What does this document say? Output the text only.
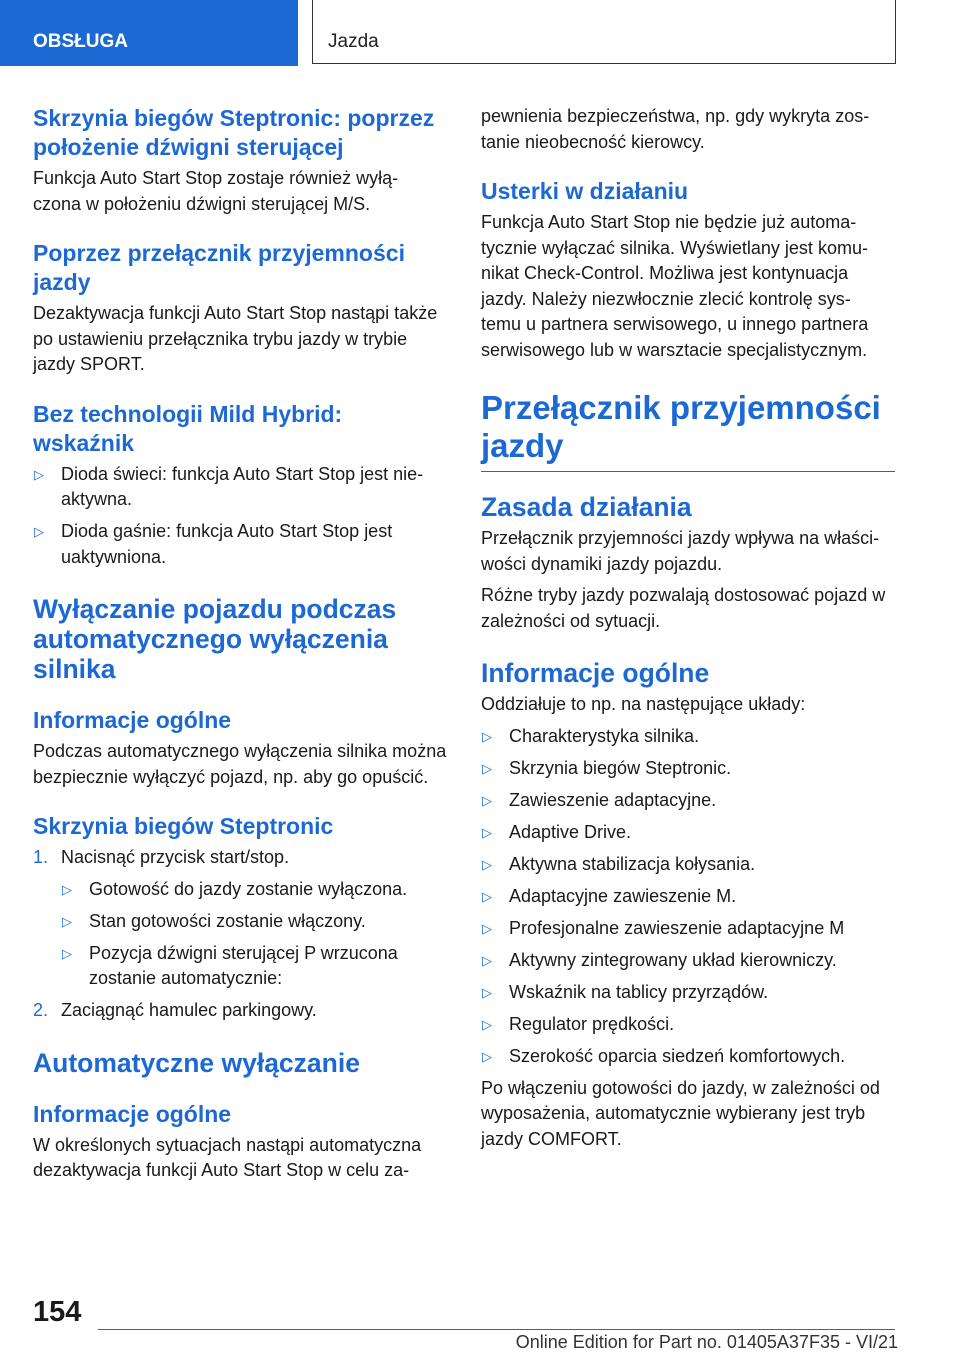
OBSŁUGA	Jazda
Skrzynia biegów Steptronic: poprzez położenie dźwigni sterującej

Funkcja Auto Start Stop zostaje również wyłą- czona w położeniu dźwigni sterującej M/S.

Poprzez przełącznik przyjemności jazdy

Dezaktywacja funkcji Auto Start Stop nastąpi także po ustawieniu przełącznika trybu jazdy w trybie jazdy SPORT.

Bez technologii Mild Hybrid: wskaźnik
▷ Dioda świeci: funkcja Auto Start Stop jest nie- aktywna.
▷ Dioda gaśnie: funkcja Auto Start Stop jest uaktywniona.
Wyłączanie pojazdu podczas automatycznego wyłączenia silnika
Informacje ogólne

Podczas automatycznego wyłączenia silnika można bezpiecznie wyłączyć pojazd, np. aby go opuścić.

Skrzynia biegów Steptronic
1. Nacisnąć przycisk start/stop.
▷ Gotowość do jazdy zostanie wyłączona.
▷ Stan gotowości zostanie włączony.
▷ Pozycja dźwigni sterującej P wrzucona zostanie automatycznie:
2. Zaciągnąć hamulec parkingowy.
Automatyczne wyłączanie
Informacje ogólne

W określonych sytuacjach nastąpi automatyczna dezaktywacja funkcji Auto Start Stop w celu za-

pewnienia bezpieczeństwa, np. gdy wykryta zos- tanie nieobecność kierowcy.

Usterki w działaniu

Funkcja Auto Start Stop nie będzie już automa- tycznie wyłączać silnika. Wyświetlany jest komu- nikat Check-Control. Możliwa jest kontynuacja jazdy. Należy niezwłocznie zlecić kontrolę sys- temu u partnera serwisowego, u innego partnera serwisowego lub w warsztacie specjalistycznym.

Przełącznik przyjemności jazdy
Zasada działania

Przełącznik przyjemności jazdy wpływa na właści- wości dynamiki jazdy pojazdu.

Różne tryby jazdy pozwalają dostosować pojazd w zależności od sytuacji.

Informacje ogólne

Oddziałuje to np. na następujące układy:

▷ Charakterystyka silnika.
▷ Skrzynia biegów Steptronic.
▷ Zawieszenie adaptacyjne.
▷ Adaptive Drive.
▷ Aktywna stabilizacja kołysania.
▷ Adaptacyjne zawieszenie M.
▷ Profesjonalne zawieszenie adaptacyjne M
▷ Aktywny zintegrowany układ kierowniczy.
▷ Wskaźnik na tablicy przyrządów.
▷ Regulator prędkości.
▷ Szerokość oparcia siedzeń komfortowych.

Po włączeniu gotowości do jazdy, w zależności od wyposażenia, automatycznie wybierany jest tryb jazdy COMFORT.

154
Online Edition for Part no. 01405A37F35 - VI/21
